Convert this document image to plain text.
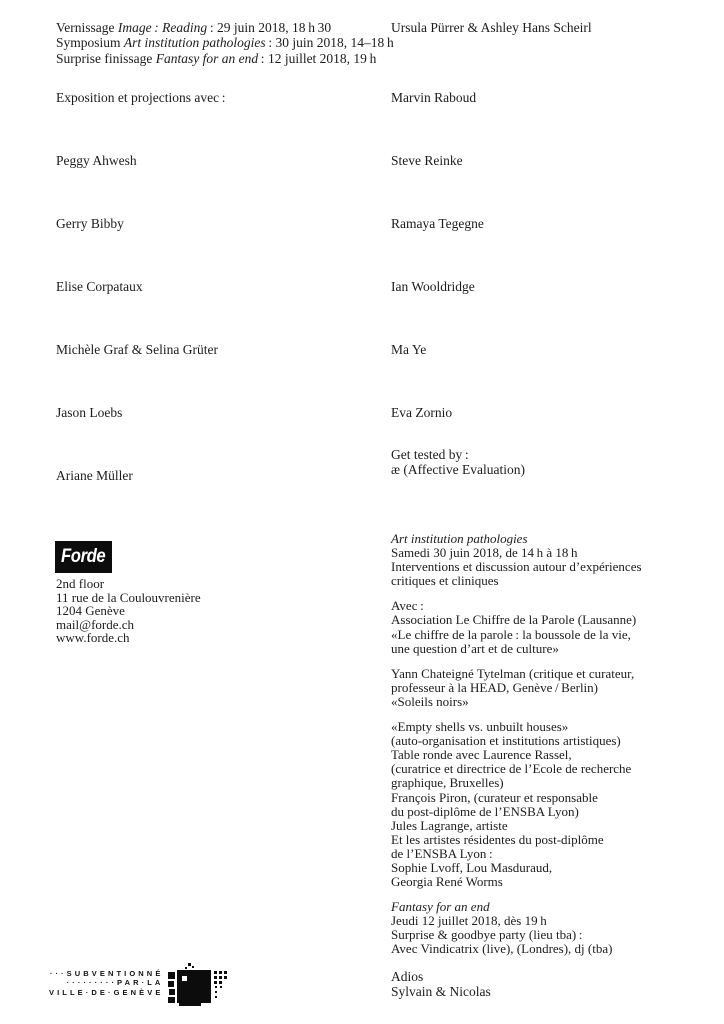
Vernissage Image : Reading : 29 juin 2018, 18 h 30
Symposium Art institution pathologies : 30 juin 2018, 14–18 h
Surprise finissage Fantasy for an end : 12 juillet 2018, 19 h
Ursula Pürrer & Ashley Hans Scheirl
Exposition et projections avec :
Peggy Ahwesh
Gerry Bibby
Elise Corpataux
Michèle Graf & Selina Grüter
Jason Loebs
Ariane Müller
Marvin Raboud
Steve Reinke
Ramaya Tegegne
Ian Wooldridge
Ma Ye
Eva Zornio
Get tested by :
æ (Affective Evaluation)
Forde
2nd floor
11 rue de la Coulouvrenière
1204 Genève
mail@forde.ch
www.forde.ch
Art institution pathologies
Samedi 30 juin 2018, de 14 h à 18 h
Interventions et discussion autour d’expériences
critiques et cliniques
Avec :
Association Le Chiffre de la Parole (Lausanne)
«Le chiffre de la parole : la boussole de la vie,
une question d’art et de culture»
Yann Chateigné Tytelman (critique et curateur,
professeur à la HEAD, Genève / Berlin)
«Soleils noirs»
«Empty shells vs. unbuilt houses»
(auto-organisation et institutions artistiques)
Table ronde avec Laurence Rassel,
(curatrice et directrice de l’Ecole de recherche
graphique, Bruxelles)
François Piron, (curateur et responsable
du post-diplôme de l’ENSBA Lyon)
Jules Lagrange, artiste
Et les artistes résidentes du post-diplôme
de l’ENSBA Lyon :
Sophie Lvoff, Lou Masduraud,
Georgia René Worms
Fantasy for an end
Jeudi 12 juillet 2018, dès 19 h
Surprise & goodbye party (lieu tba) :
Avec Vindicatrix (live), (Londres), dj (tba)
···SUBVENTIONNÉ
·········PAR·LA
VILLE·DE·GENÈVE
Adios
Sylvain & Nicolas
